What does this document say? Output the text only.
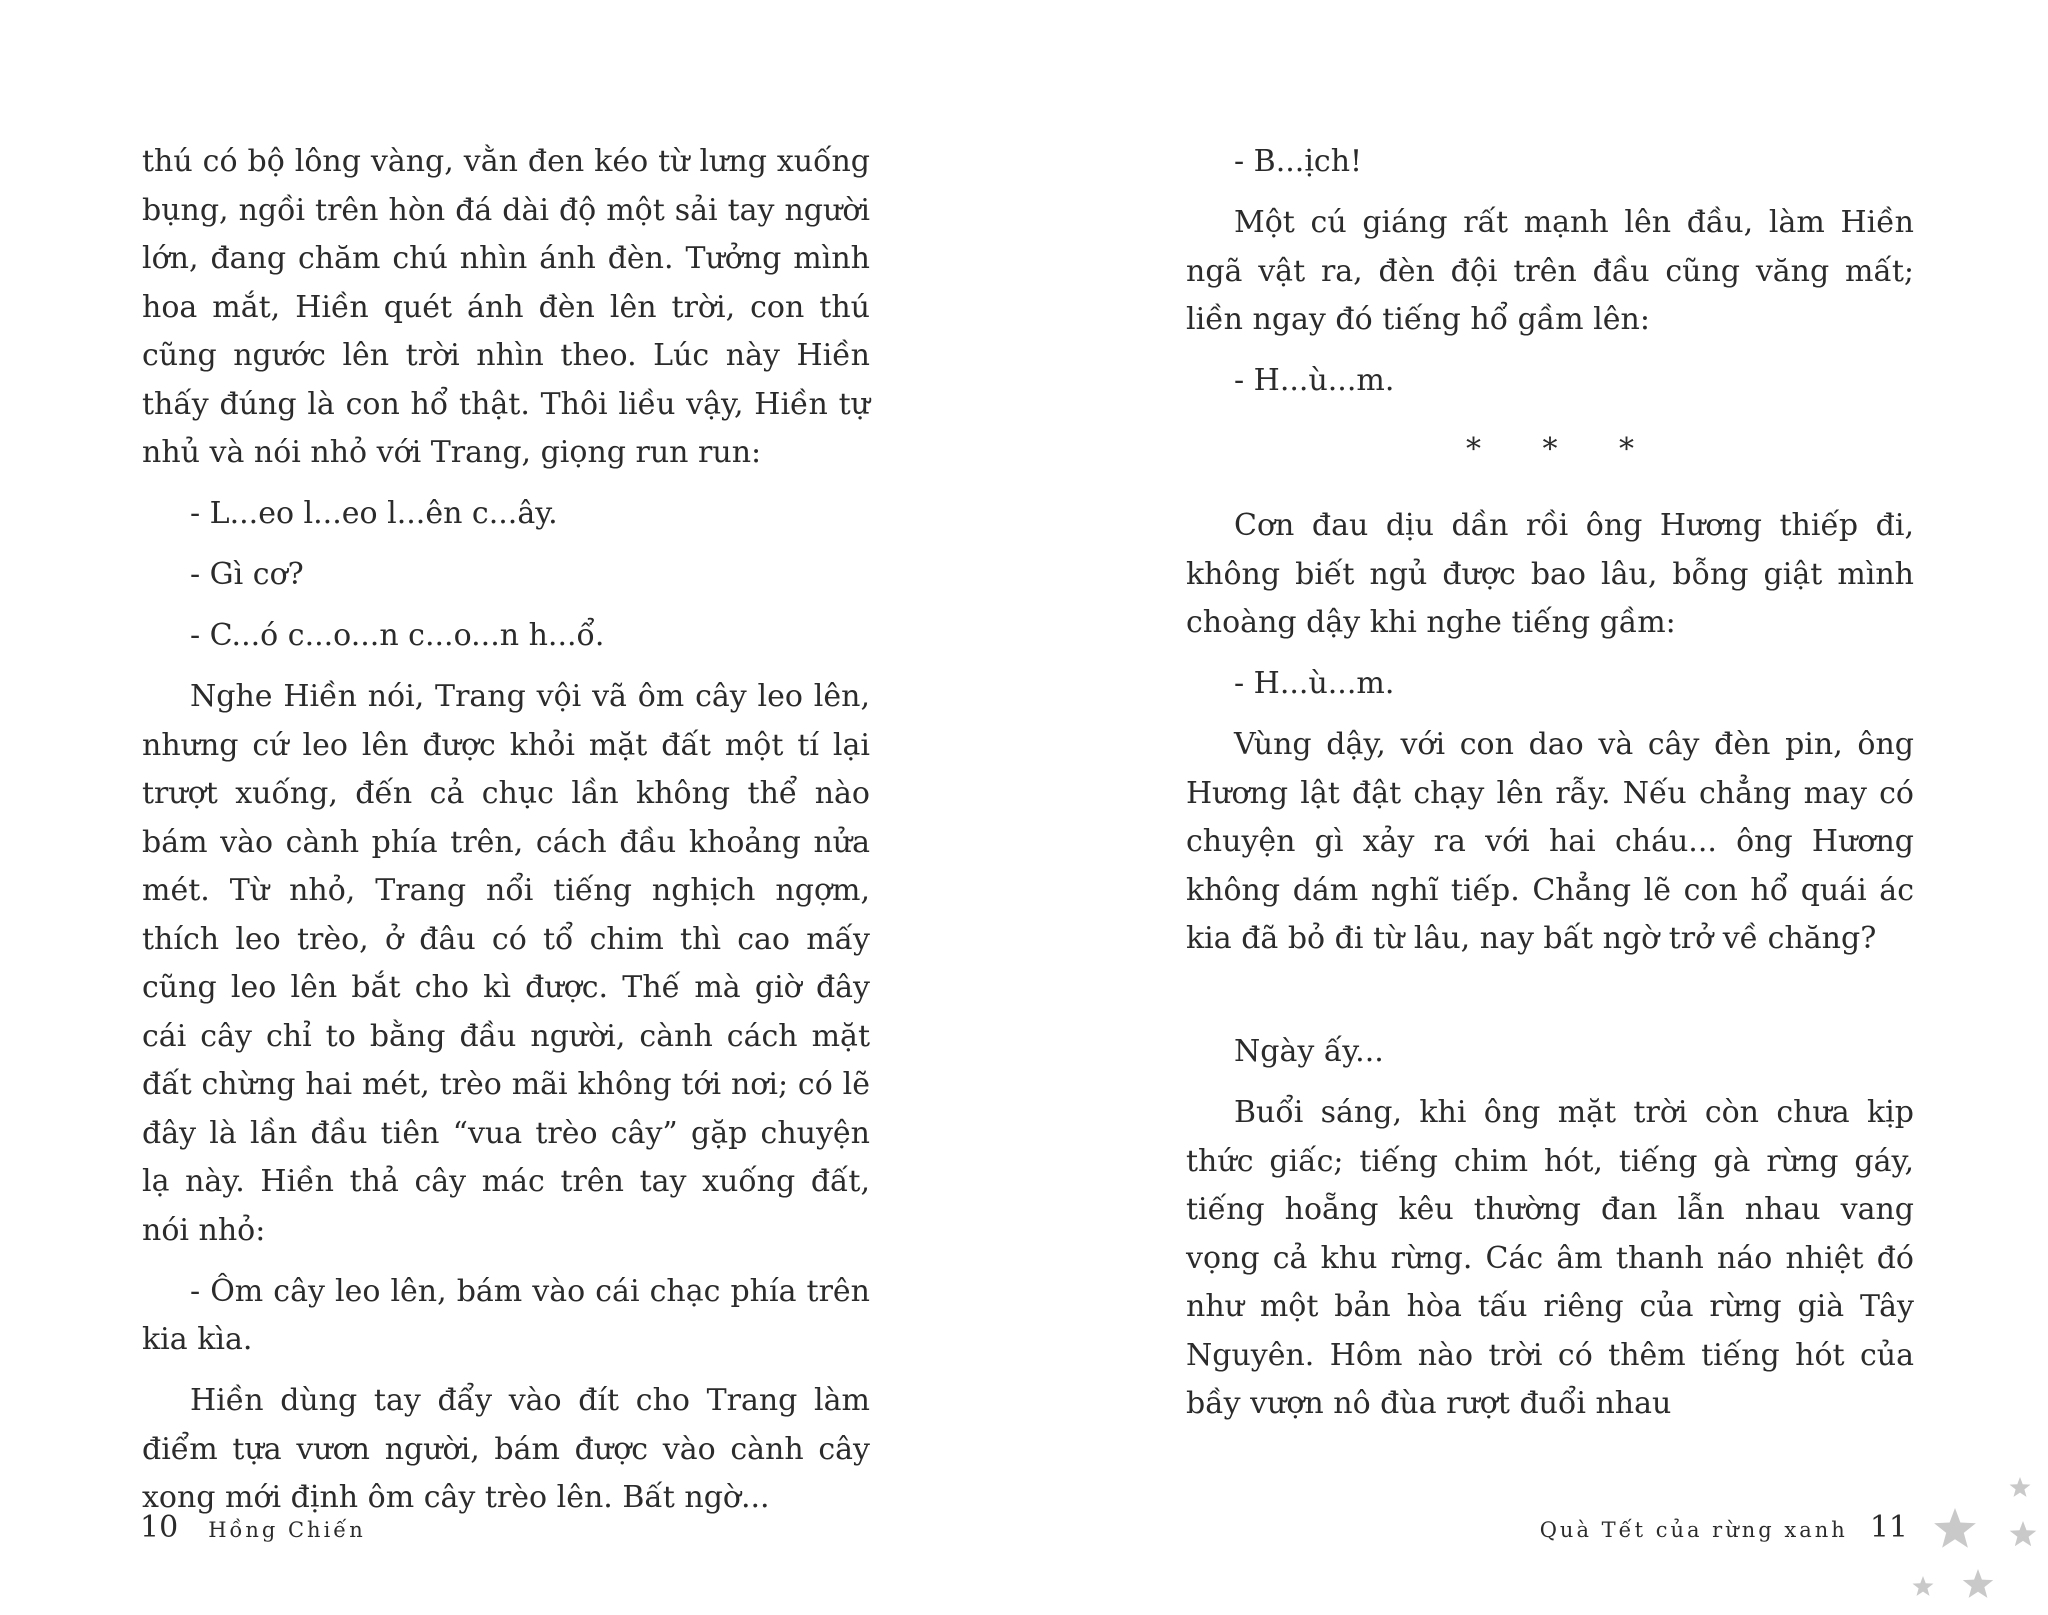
thú có bộ lông vàng, vằn đen kéo từ lưng xuống bụng, ngồi trên hòn đá dài độ một sải tay người lớn, đang chăm chú nhìn ánh đèn. Tưởng mình hoa mắt, Hiền quét ánh đèn lên trời, con thú cũng ngước lên trời nhìn theo. Lúc này Hiền thấy đúng là con hổ thật. Thôi liều vậy, Hiền tự nhủ và nói nhỏ với Trang, giọng run run:

- L...eo l...eo l...ên c...ây.

- Gì cơ?

- C...ó c...o...n c...o...n h...ổ.

Nghe Hiền nói, Trang vội vã ôm cây leo lên, nhưng cứ leo lên được khỏi mặt đất một tí lại trượt xuống, đến cả chục lần không thể nào bám vào cành phía trên, cách đầu khoảng nửa mét. Từ nhỏ, Trang nổi tiếng nghịch ngợm, thích leo trèo, ở đâu có tổ chim thì cao mấy cũng leo lên bắt cho kì được. Thế mà giờ đây cái cây chỉ to bằng đầu người, cành cách mặt đất chừng hai mét, trèo mãi không tới nơi; có lẽ đây là lần đầu tiên “vua trèo cây” gặp chuyện lạ này. Hiền thả cây mác trên tay xuống đất, nói nhỏ:

- Ôm cây leo lên, bám vào cái chạc phía trên kia kìa.

Hiền dùng tay đẩy vào đít cho Trang làm điểm tựa vươn người, bám được vào cành cây xong mới định ôm cây trèo lên. Bất ngờ...

- B...ịch!

Một cú giáng rất mạnh lên đầu, làm Hiền ngã vật ra, đèn đội trên đầu cũng văng mất; liền ngay đó tiếng hổ gầm lên:

- H...ù...m.

* * *

Cơn đau dịu dần rồi ông Hương thiếp đi, không biết ngủ được bao lâu, bỗng giật mình choàng dậy khi nghe tiếng gầm:

- H...ù...m.

Vùng dậy, với con dao và cây đèn pin, ông Hương lật đật chạy lên rẫy. Nếu chẳng may có chuyện gì xảy ra với hai cháu... ông Hương không dám nghĩ tiếp. Chẳng lẽ con hổ quái ác kia đã bỏ đi từ lâu, nay bất ngờ trở về chăng?

Ngày ấy...

Buổi sáng, khi ông mặt trời còn chưa kịp thức giấc; tiếng chim hót, tiếng gà rừng gáy, tiếng hoẵng kêu thường đan lẫn nhau vang vọng cả khu rừng. Các âm thanh náo nhiệt đó như một bản hòa tấu riêng của rừng già Tây Nguyên. Hôm nào trời có thêm tiếng hót của bầy vượn nô đùa rượt đuổi nhau

10 Hồng Chiến	Quà Tết của rừng xanh 11
